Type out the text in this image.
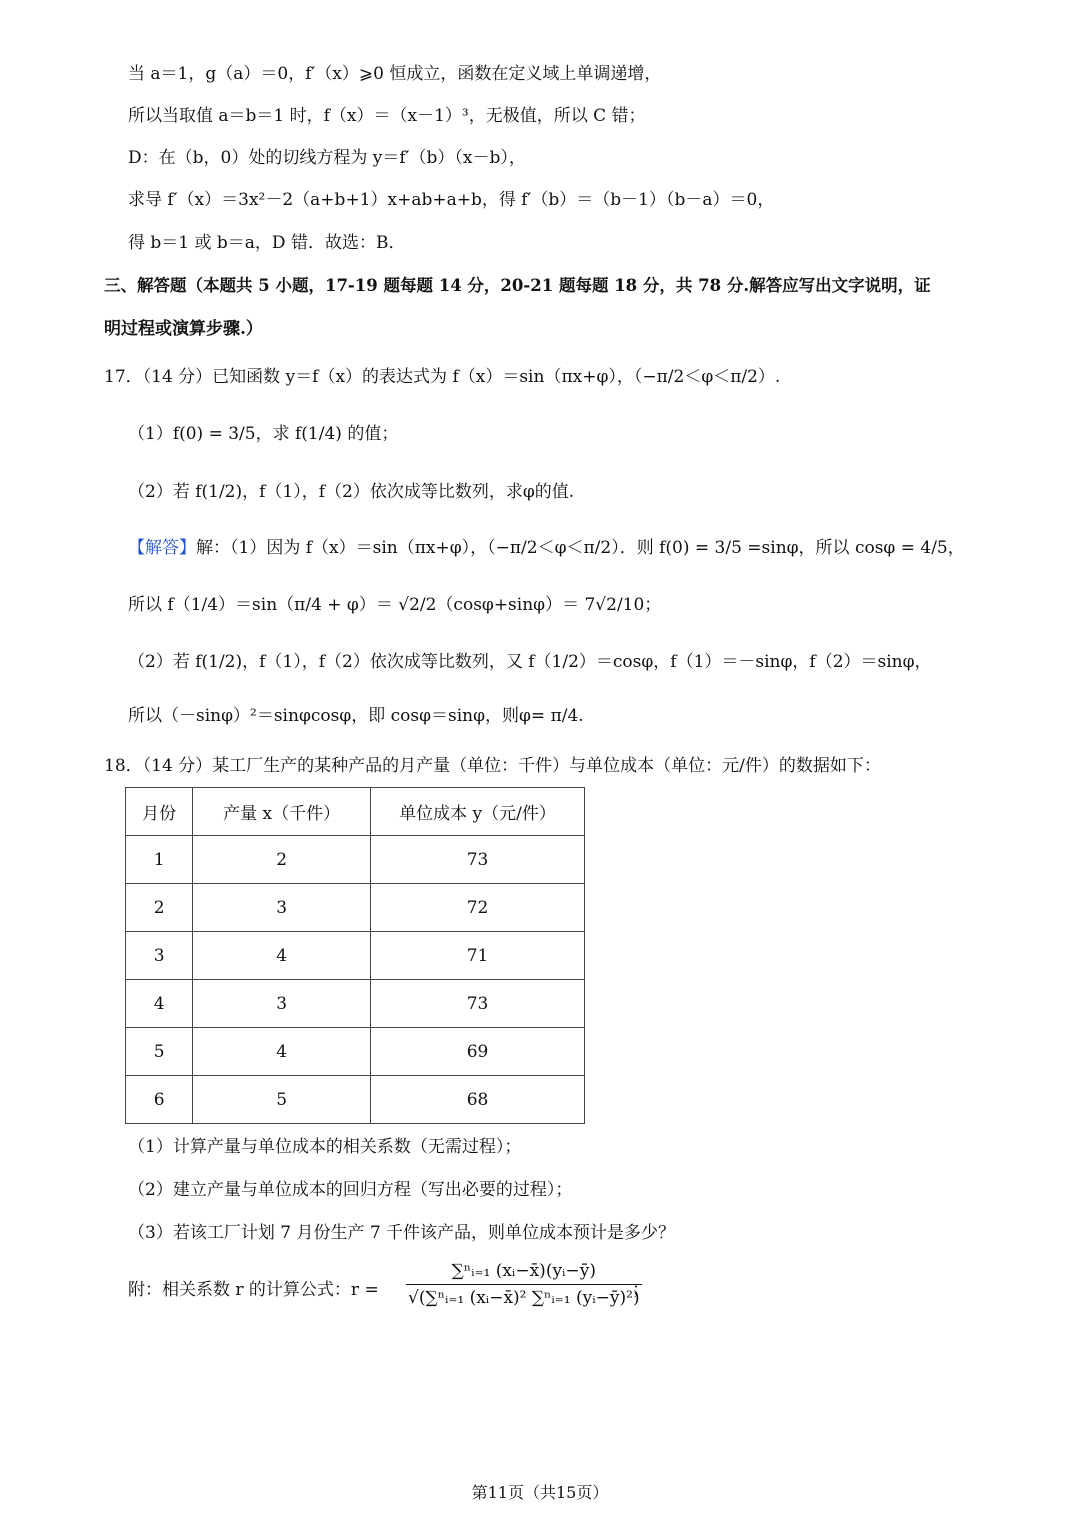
当 a＝1，g（a）＝0，f′（x）⩾0 恒成立，函数在定义域上单调递增，
所以当取值 a＝b＝1 时，f（x）＝（x－1）³，无极值，所以 C 错；
D：在（b，0）处的切线方程为 y＝f′（b）（x－b），
求导 f′（x）＝3x²－2（a+b+1）x+ab+a+b，得 f′（b）＝（b－1）（b－a）＝0，
得 b＝1 或 b＝a，D 错．故选：B．
三、解答题（本题共 5 小题，17-19 题每题 14 分，20-21 题每题 18 分，共 78 分.解答应写出文字说明，证
明过程或演算步骤.）
17．（14 分）已知函数 y＝f（x）的表达式为 f（x）＝sin（πx+φ），（−π/2＜φ＜π/2）.
（1）f(0) = 3/5，求 f(1/4) 的值；
（2）若 f(1/2)，f（1），f（2）依次成等比数列，求φ的值.
【解答】解：（1）因为 f（x）＝sin（πx+φ），（−π/2＜φ＜π/2）．则 f(0) = 3/5 =sinφ，所以 cosφ = 4/5，
所以 f（1/4）＝sin（π/4 + φ）＝ √2/2（cosφ+sinφ）＝ 7√2/10；
（2）若 f(1/2)，f（1），f（2）依次成等比数列，又 f（1/2）＝cosφ，f（1）＝－sinφ，f（2）＝sinφ，
所以（－sinφ）²＝sinφcosφ，即 cosφ＝sinφ，则φ= π/4.
18．（14 分）某工厂生产的某种产品的月产量（单位：千件）与单位成本（单位：元/件）的数据如下：
月份	产量 x（千件）	单位成本 y（元/件）
1	2	73
2	3	72
3	4	71
4	3	73
5	4	69
6	5	68
（1）计算产量与单位成本的相关系数（无需过程）；
（2）建立产量与单位成本的回归方程（写出必要的过程）；
（3）若该工厂计划 7 月份生产 7 千件该产品，则单位成本预计是多少？
附：相关系数 r 的计算公式：$r = \frac{\text{∑ⁿᵢ₌₁ (xᵢ−x̄)(yᵢ−ȳ)}}{\text{√(∑ⁿᵢ₌₁ (xᵢ−x̄)² ∑ⁿᵢ₌₁ (yᵢ−ȳ)²)}}$
；
第11页（共15页）
